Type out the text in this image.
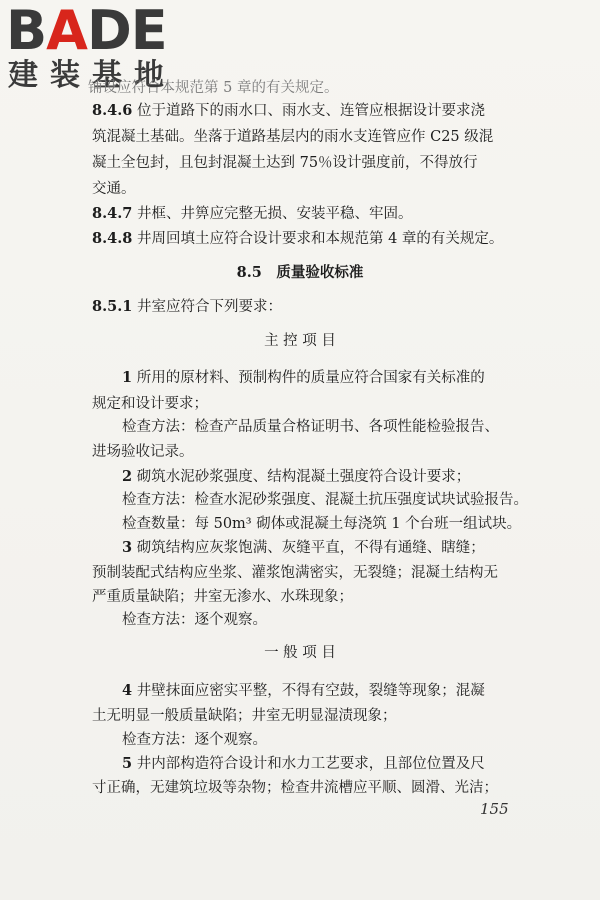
BADE
建装基地
铺设应符合本规范第 5 章的有关规定。
8.4.6 位于道路下的雨水口、雨水支、连管应根据设计要求浇
筑混凝土基础。坐落于道路基层内的雨水支连管应作 C25 级混
凝土全包封，且包封混凝土达到 75％设计强度前，不得放行
交通。
8.4.7 井框、井箅应完整无损、安装平稳、牢固。
8.4.8 井周回填土应符合设计要求和本规范第 4 章的有关规定。
8.5　质量验收标准
8.5.1 井室应符合下列要求：
主 控 项 目
1 所用的原材料、预制构件的质量应符合国家有关标准的
规定和设计要求；
检查方法：检查产品质量合格证明书、各项性能检验报告、
进场验收记录。
2 砌筑水泥砂浆强度、结构混凝土强度符合设计要求；
检查方法：检查水泥砂浆强度、混凝土抗压强度试块试验报告。
检查数量：每 50m³ 砌体或混凝土每浇筑 1 个台班一组试块。
3 砌筑结构应灰浆饱满、灰缝平直，不得有通缝、瞎缝；
预制装配式结构应坐浆、灌浆饱满密实，无裂缝；混凝土结构无
严重质量缺陷；井室无渗水、水珠现象；
检查方法：逐个观察。
一 般 项 目
4 井壁抹面应密实平整，不得有空鼓，裂缝等现象；混凝
土无明显一般质量缺陷；井室无明显湿渍现象；
检查方法：逐个观察。
5 井内部构造符合设计和水力工艺要求，且部位位置及尺
寸正确，无建筑垃圾等杂物；检查井流槽应平顺、圆滑、光洁；
155
